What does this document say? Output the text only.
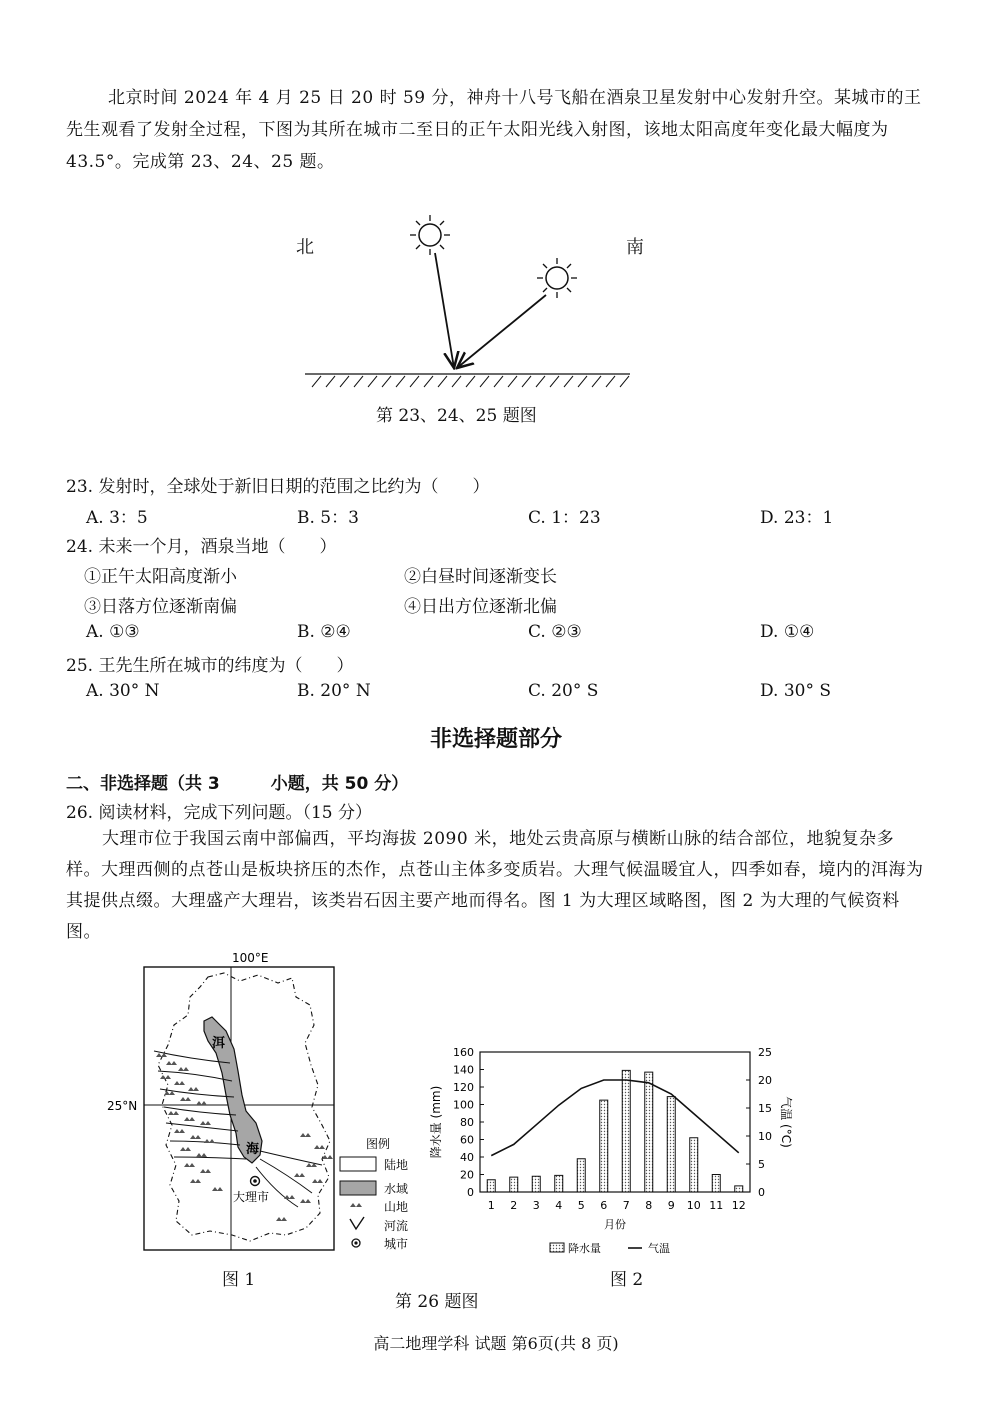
北京时间 2024 年 4 月 25 日 20 时 59 分，神舟十八号飞船在酒泉卫星发射中心发射升空。某城市的王先生观看了发射全过程，下图为其所在城市二至日的正午太阳光线入射图，该地太阳高度年变化最大幅度为 43.5°。完成第 23、24、25 题。
北	南
第 23、24、25 题图
23. 发射时，全球处于新旧日期的范围之比约为（　　）
A. 3：5	B. 5：3	C. 1：23	D. 23：1
24. 未来一个月，酒泉当地（　　）
①正午太阳高度渐小	②白昼时间逐渐变长
③日落方位逐渐南偏	④日出方位逐渐北偏
A. ①③	B. ②④	C. ②③	D. ①④
25. 王先生所在城市的纬度为（　　）
A. 30° N	B. 20° N	C. 20° S	D. 30° S
非选择题部分
二、非选择题（共 3　　　小题，共 50 分）
26. 阅读材料，完成下列问题。（15 分）
大理市位于我国云南中部偏西，平均海拔 2090 米，地处云贵高原与横断山脉的结合部位，地貌复杂多样。大理西侧的点苍山是板块挤压的杰作，点苍山主体多变质岩。大理气候温暖宜人，四季如春，境内的洱海为其提供点缀。大理盛产大理岩，该类岩石因主要产地而得名。图 1 为大理区域略图，图 2 为大理的气候资料图。
100°E
25°N
洱
海
大理市
图例
陆地
水域
山地
河流
城市
图 1
0
20
40
60
80
100
120
140
160
0
5
10
15
20
25
1 2 3 4 5 6 7 8 9 10 11 12
月份
降水量 (mm)	气温 (°C)
降水量	气温
图 2
第 26 题图
高二地理学科 试题 第6页(共 8 页)
